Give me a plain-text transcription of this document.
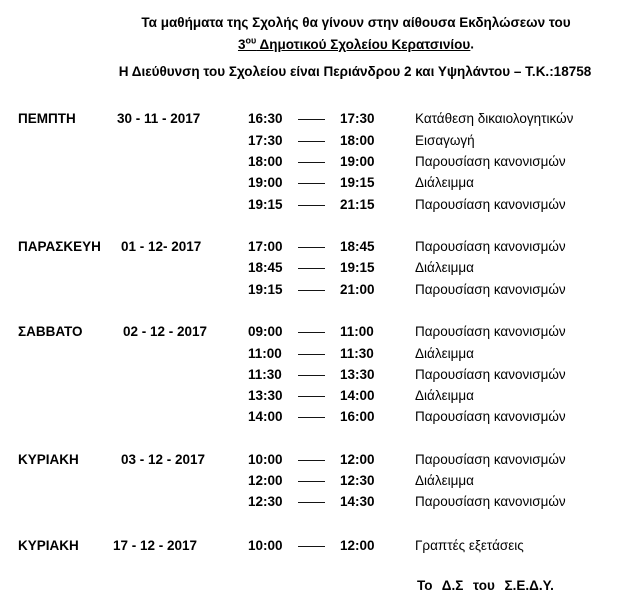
Τα μαθήματα της Σχολής θα γίνουν στην αίθουσα Εκδηλώσεων του
$3^{o\upsilon}$ Δημοτικού Σχολείου Κερατσινίου.
Η Διεύθυνση του Σχολείου είναι Περιάνδρου 2 και Υψηλάντου – Τ.Κ.:18758
ΠΕΜΠΤΗ	30 - 11 - 2017	16:30 —— 17:30	Κατάθεση δικαιολογητικών
17:30 —— 18:00	Εισαγωγή
18:00 —— 19:00	Παρουσίαση κανονισμών
19:00 —— 19:15	Διάλειμμα
19:15 —— 21:15	Παρουσίαση κανονισμών
ΠΑΡΑΣΚΕΥΗ 01 - 12- 2017	17:00 —— 18:45	Παρουσίαση κανονισμών
18:45 —— 19:15	Διάλειμμα
19:15 —— 21:00	Παρουσίαση κανονισμών
ΣΑΒΒΑΤΟ	02 - 12 - 2017	09:00 —— 11:00	Παρουσίαση κανονισμών
11:00 —— 11:30	Διάλειμμα
11:30 —— 13:30	Παρουσίαση κανονισμών
13:30 —— 14:00	Διάλειμμα
14:00 —— 16:00	Παρουσίαση κανονισμών
ΚΥΡΙΑΚΗ	03 - 12 - 2017	10:00 —— 12:00	Παρουσίαση κανονισμών
12:00 —— 12:30	Διάλειμμα
12:30 —— 14:30	Παρουσίαση κανονισμών
ΚΥΡΙΑΚΗ	17 - 12 - 2017	10:00 —— 12:00	Γραπτές εξετάσεις
Το Δ.Σ του Σ.Ε.Δ.Υ.
